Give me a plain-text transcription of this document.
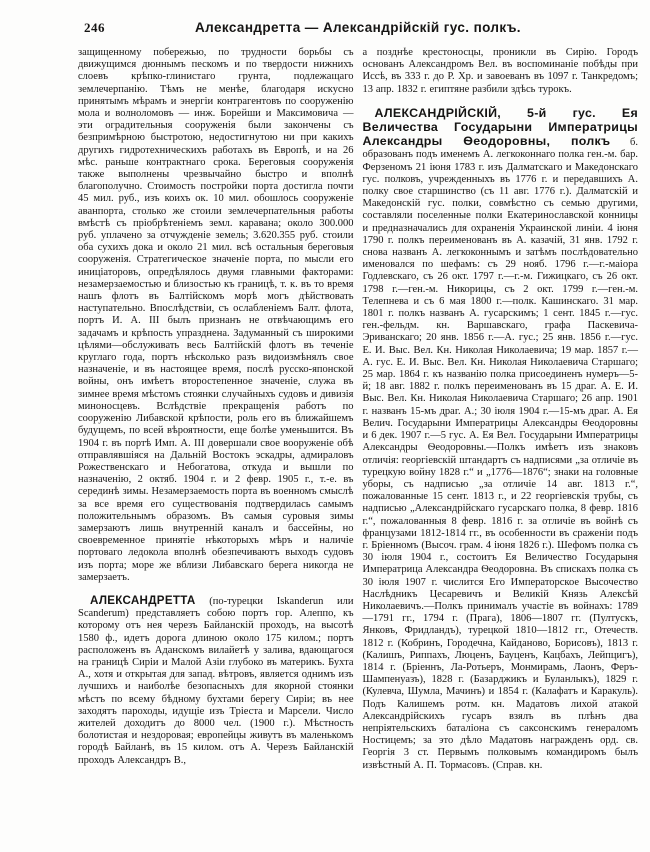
246	Александретта — Александрійскій гус. полкъ.

защищенному побережью, по трудности борьбы съ движущимся дюннымъ пескомъ и по твердости нижнихъ слоевъ крѣпко-глинистаго грунта, подлежащаго землечерпанію. Тѣмъ не менѣе, благодаря искусно принятымъ мѣрамъ и энергіи контрагентовъ по сооруженію мола и волноломовъ — инж. Борейши и Максимовича — эти оградительныя сооруженія были закончены съ безпримѣрною быстротою, недостигнутою ни при какихъ другихъ гидротехническихъ работахъ въ Европѣ, и на 26 мѣс. раньше контрактнаго срока. Береговыя сооруженія также выполнены чрезвычайно быстро и вполнѣ благополучно. Стоимость постройки порта достигла почти 45 мил. руб., изъ коихъ ок. 10 мил. обошлось сооруженіе аванпорта, столько же стоили землечерпательныя работы вмѣстѣ съ пріобрѣтеніемъ земл. каравана; около 300.000 руб. уплачено за отчужденіе земель; 3.620.355 руб. стоили оба сухихъ дока и около 21 мил. всѣ остальныя береговыя сооруженія. Стратегическое значеніе порта, по мысли его иниціаторовъ, опредѣлялось двумя главными факторами: незамерзаемостью и близостью къ границѣ, т. к. въ то время нашъ флотъ въ Балтійскомъ морѣ могъ дѣйствовать наступательно. Впослѣдствіи, съ ослабленіемъ Балт. флота, портъ И. А. III былъ признанъ не отвѣчающимъ его задачамъ и крѣпость упразднена. Задуманный съ широкими цѣлями—обслуживать весь Балтійскій флотъ въ теченіе круглаго года, портъ нѣсколько разъ видоизмѣнялъ свое назначеніе, и въ настоящее время, послѣ русско-японской войны, онъ имѣетъ второстепенное значеніе, служа въ зимнее время мѣстомъ стоянки случайныхъ судовъ и дивизія миноносцевъ. Вслѣдствіе прекращенія работъ по сооруженію Либавской крѣпости, роль его въ ближайшемъ будущемъ, по всей вѣроятности, еще болѣе уменьшится. Въ 1904 г. въ портѣ Имп. А. III довершали свое вооруженіе обѣ отправлявшіяся на Дальній Востокъ эскадры, адмираловъ Рожественскаго и Небогатова, откуда и вышли по назначенію, 2 октяб. 1904 г. и 2 февр. 1905 г., т.-е. въ серединѣ зимы. Незамерзаемость порта въ военномъ смыслѣ за все время его существованія подтвердилась самымъ положительнымъ образомъ. Въ самыя суровыя зимы замерзаютъ лишь внутренній каналъ и бассейны, но своевременное принятіе нѣкоторыхъ мѣръ и наличіе портоваго ледокола вполнѣ обезпечиваютъ выходъ судовъ изъ порта; море же вблизи Либавскаго берега никогда не замерзаетъ.

АЛЕКСАНДРЕТТА (по-турецки Iskanderun или Scanderum) представляетъ собою портъ гор. Алеппо, къ которому отъ нея черезъ Байланскій проходъ, на высотѣ 1580 ф., идетъ дорога длиною около 175 килом.; портъ расположенъ въ Аданскомъ вилайетѣ у залива, вдающагося на границѣ Сиріи и Малой Азіи глубоко въ материкъ. Бухта А., хотя и открытая для запад. вѣтровъ, является однимъ изъ лучшихъ и наиболѣе безопасныхъ для якорной стоянки мѣстъ по всему бѣдному бухтами берегу Сиріи; въ нее заходятъ пароходы, идущіе изъ Тріеста и Марсели. Число жителей доходитъ до 8000 чел. (1900 г.). Мѣстность болотистая и нездоровая; европейцы живутъ въ маленькомъ городѣ Байланѣ, въ 15 килом. отъ А. Черезъ Байланскій проходъ Александръ В.,

а позднѣе крестоносцы, проникли въ Сирію. Городъ основанъ Александромъ Вел. въ воспоминаніе побѣды при Иссѣ, въ 333 г. до Р. Хр. и завоеванъ въ 1097 г. Танкредомъ; 13 апр. 1832 г. египтяне разбили здѣсь турокъ.

АЛЕКСАНДРІЙСКІЙ, 5-й гус. Ея Величества Государыни Императрицы Александры Ѳеодоровны, полкъ б. образованъ подъ именемъ А. легкоконнаго полка ген.-м. бар. Ферзеномъ 21 іюня 1783 г. изъ Далматскаго и Македонскаго гус. полковъ, учрежденныхъ въ 1776 г. и передавшихъ А. полку свое старшинство (съ 11 авг. 1776 г.). Далматскій и Македонскій гус. полки, совмѣстно съ семью другими, составляли поселенные полки Екатеринославской конницы и предназначались для охраненія Украинской линіи. 4 іюня 1790 г. полкъ переименованъ въ А. казачій, 31 янв. 1792 г. снова названъ А. легкоконнымъ и затѣмъ послѣдовательно именовался по шефамъ: съ 29 нояб. 1796 г.—г.-маіора Годлевскаго, съ 26 окт. 1797 г.—г.-м. Гижицкаго, съ 26 окт. 1798 г.—ген.-м. Никорицы, съ 2 окт. 1799 г.—ген.-м. Телепнева и съ 6 мая 1800 г.—полк. Кашинскаго. 31 мар. 1801 г. полкъ названъ А. гусарскимъ; 1 сент. 1845 г.—гус. ген.-фельдм. кн. Варшавскаго, графа Паскевича-Эриванскаго; 20 янв. 1856 г.—А. гус.; 25 янв. 1856 г.—гус. Е. И. Выс. Вел. Кн. Николая Николаевича; 19 мар. 1857 г.—А. гус. Е. И. Выс. Вел. Кн. Николая Николаевича Старшаго; 25 мар. 1864 г. къ названію полка присоединенъ нумеръ—5-й; 18 авг. 1882 г. полкъ переименованъ въ 15 драг. А. Е. И. Выс. Вел. Кн. Николая Николаевича Старшаго; 26 апр. 1901 г. названъ 15-мъ драг. А.; 30 іюля 1904 г.—15-мъ драг. А. Ея Велич. Государыни Императрицы Александры Ѳеодоровны и 6 дек. 1907 г.—5 гус. А. Ея Вел. Государыни Императрицы Александры Ѳеодоровны.—Полкъ имѣетъ изъ знаковъ отличія: георгіевскій штандартъ съ надписями „за отличіе въ турецкую войну 1828 г.“ и „1776—1876“; знаки на головные уборы, съ надписью „за отличіе 14 авг. 1813 г.“, пожалованные 15 сент. 1813 г., и 22 георгіевскія трубы, съ надписью „Александрійскаго гусарскаго полка, 8 февр. 1816 г.“, пожалованныя 8 февр. 1816 г. за отличіе въ войнѣ съ французами 1812-1814 гг., въ особенности въ сраженіи подъ г. Бріенномъ (Высоч. грам. 4 іюня 1826 г.). Шефомъ полка съ 30 іюля 1904 г., состоитъ Ея Величество Государыня Императрица Александра Ѳеодоровна. Въ спискахъ полка съ 30 іюля 1907 г. числится Его Императорское Высочество Наслѣдникъ Цесаревичъ и Великій Князь Алексѣй Николаевичъ.—Полкъ принималъ участіе въ войнахъ: 1789—1791 гг., 1794 г. (Прага), 1806—1807 гг. (Пултускъ, Янковъ, Фридландъ), турецкой 1810—1812 гг., Отечеств. 1812 г. (Кобринъ, Городечна, Кайданово, Борисовъ), 1813 г. (Калишъ, Риппахъ, Люценъ, Бауценъ, Кацбахъ, Лейпцигъ), 1814 г. (Бріеннъ, Ла-Ротьеръ, Монмирамь, Лаонъ, Феръ-Шампенуазъ), 1828 г. (Базарджикъ и Буланлыкъ), 1829 г. (Кулевча, Шумла, Мачинъ) и 1854 г. (Калафатъ и Каракуль). Подъ Калишемъ ротм. кн. Мадатовъ лихой атакой Александрійскихъ гусаръ взялъ въ плѣнъ два непріятельскихъ баталіона съ саксонскимъ генераломъ Ностицемъ; за это дѣло Мадатовъ награжденъ орд. св. Георгія 3 ст. Первымъ полковымъ командиромъ былъ извѣстный А. П. Тормасовъ. (Справ. кн.
